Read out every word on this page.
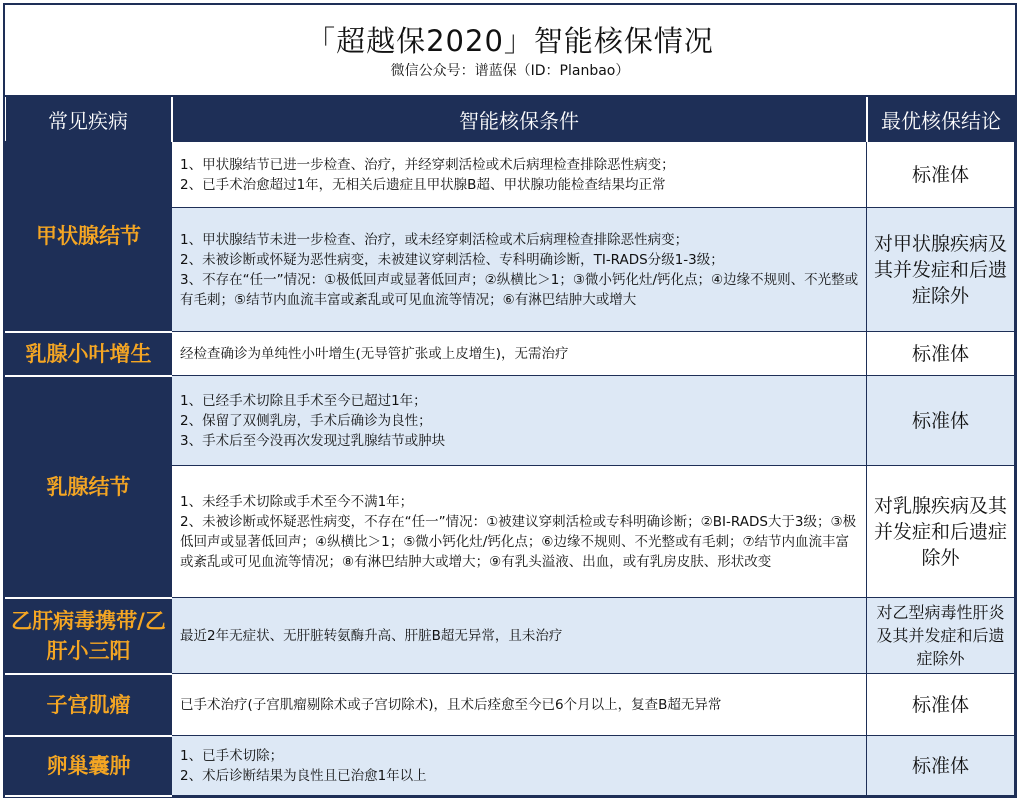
「超越保2020」智能核保情况
微信公众号：谱蓝保（ID：Planbao）
常见疾病	智能核保条件	最优核保结论
甲状腺结节	1、甲状腺结节已进一步检查、治疗，并经穿刺活检或术后病理检查排除恶性病变；
2、已手术治愈超过1年，无相关后遗症且甲状腺B超、甲状腺功能检查结果均正常	标准体

	1、甲状腺结节未进一步检查、治疗，或未经穿刺活检或术后病理检查排除恶性病变；
2、未被诊断或怀疑为恶性病变，未被建议穿刺活检、专科明确诊断，TI-RADS分级1-3级；
3、不存在“任一”情况：①极低回声或显著低回声；②纵横比＞1；③微小钙化灶/钙化点；④边缘不规则、不光整或有毛刺；⑤结节内血流丰富或紊乱或可见血流等情况；⑥有淋巴结肿大或增大	对甲状腺疾病及其并发症和后遗症除外
乳腺小叶增生	经检查确诊为单纯性小叶增生(无导管扩张或上皮增生)，无需治疗	标准体
乳腺结节	1、已经手术切除且手术至今已超过1年；
2、保留了双侧乳房，手术后确诊为良性；
3、手术后至今没再次发现过乳腺结节或肿块	标准体

	1、未经手术切除或手术至今不满1年；
2、未被诊断或怀疑恶性病变，不存在“任一”情况：①被建议穿刺活检或专科明确诊断；②BI-RADS大于3级；③极低回声或显著低回声；④纵横比＞1；⑤微小钙化灶/钙化点；⑥边缘不规则、不光整或有毛刺；⑦结节内血流丰富或紊乱或可见血流等情况；⑧有淋巴结肿大或增大；⑨有乳头溢液、出血，或有乳房皮肤、形状改变	对乳腺疾病及其并发症和后遗症除外
乙肝病毒携带/乙肝小三阳	最近2年无症状、无肝脏转氨酶升高、肝脏B超无异常，且未治疗	对乙型病毒性肝炎及其并发症和后遗症除外
子宫肌瘤	已手术治疗(子宫肌瘤剔除术或子宫切除术)，且术后痊愈至今已6个月以上，复查B超无异常	标准体
卵巢囊肿	1、已手术切除；
2、术后诊断结果为良性且已治愈1年以上	标准体
